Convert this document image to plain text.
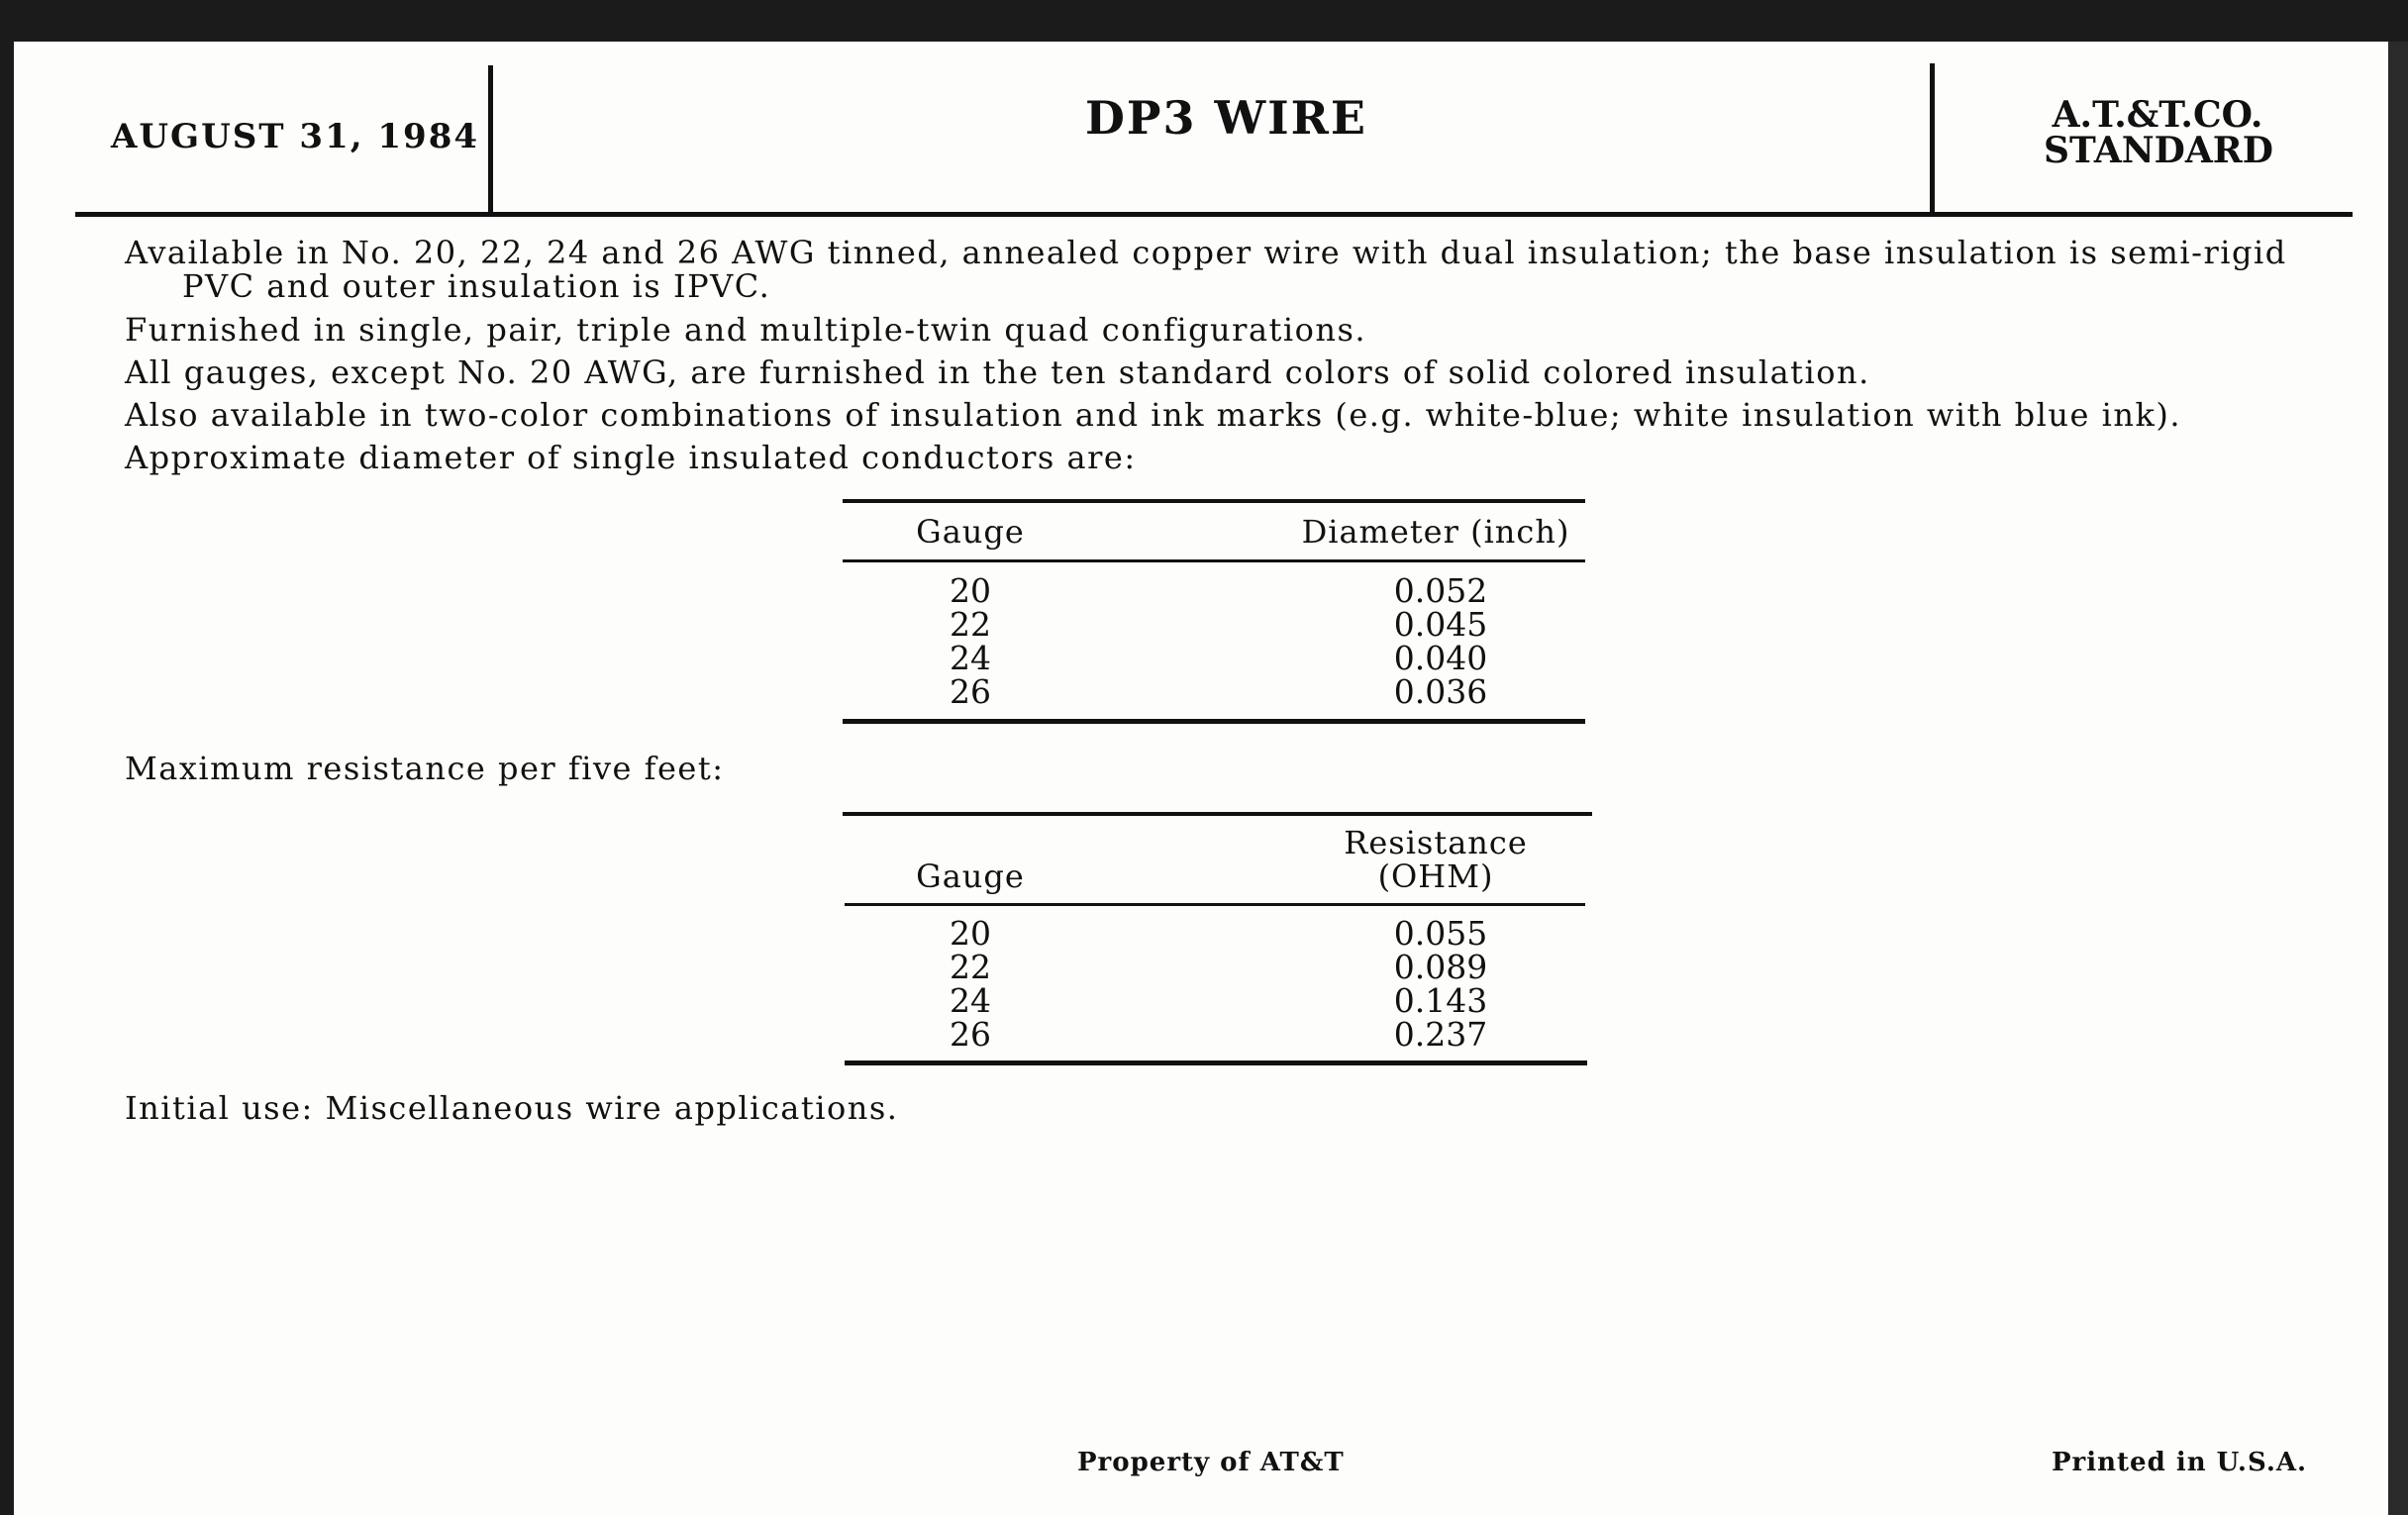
AUGUST 31, 1984	DP3 WIRE	A.T.&T.CO.
STANDARD
Available in No. 20, 22, 24 and 26 AWG tinned, annealed copper wire with dual insulation; the base insulation is semi-rigid
PVC and outer insulation is IPVC.
Furnished in single, pair, triple and multiple-twin quad configurations.
All gauges, except No. 20 AWG, are furnished in the ten standard colors of solid colored insulation.
Also available in two-color combinations of insulation and ink marks (e.g. white-blue; white insulation with blue ink).
Approximate diameter of single insulated conductors are:
Gauge	Diameter (inch)
20	0.052
22	0.045
24	0.040
26	0.036
Maximum resistance per five feet:
Resistance
Gauge	(OHM)
20	0.055
22	0.089
24	0.143
26	0.237
Initial use: Miscellaneous wire applications.
Property of AT&T	Printed in U.S.A.
